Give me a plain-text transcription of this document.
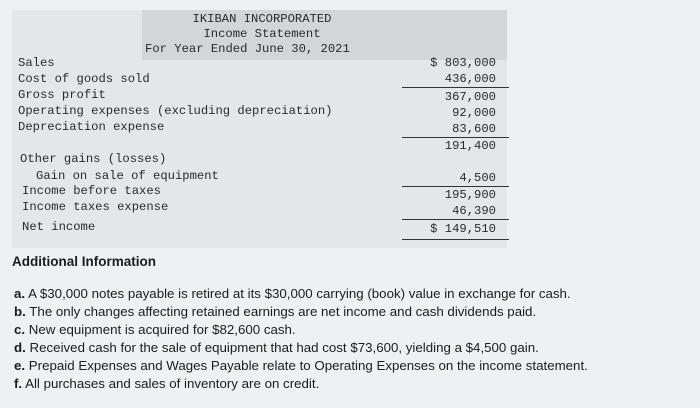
IKIBAN INCORPORATED
Income Statement
For Year Ended June 30, 2021
Sales
Cost of goods sold
Gross profit
Operating expenses (excluding depreciation)
Depreciation expense
Other gains (losses)
Gain on sale of equipment
Income before taxes
Income taxes expense
Net income
$ 803,000
436,000
367,000
92,000
83,600
191,400
4,500
195,900
46,390
$ 149,510
Additional Information
a. A $30,000 notes payable is retired at its $30,000 carrying (book) value in exchange for cash.
b. The only changes affecting retained earnings are net income and cash dividends paid.
c. New equipment is acquired for $82,600 cash.
d. Received cash for the sale of equipment that had cost $73,600, yielding a $4,500 gain.
e. Prepaid Expenses and Wages Payable relate to Operating Expenses on the income statement.
f. All purchases and sales of inventory are on credit.
